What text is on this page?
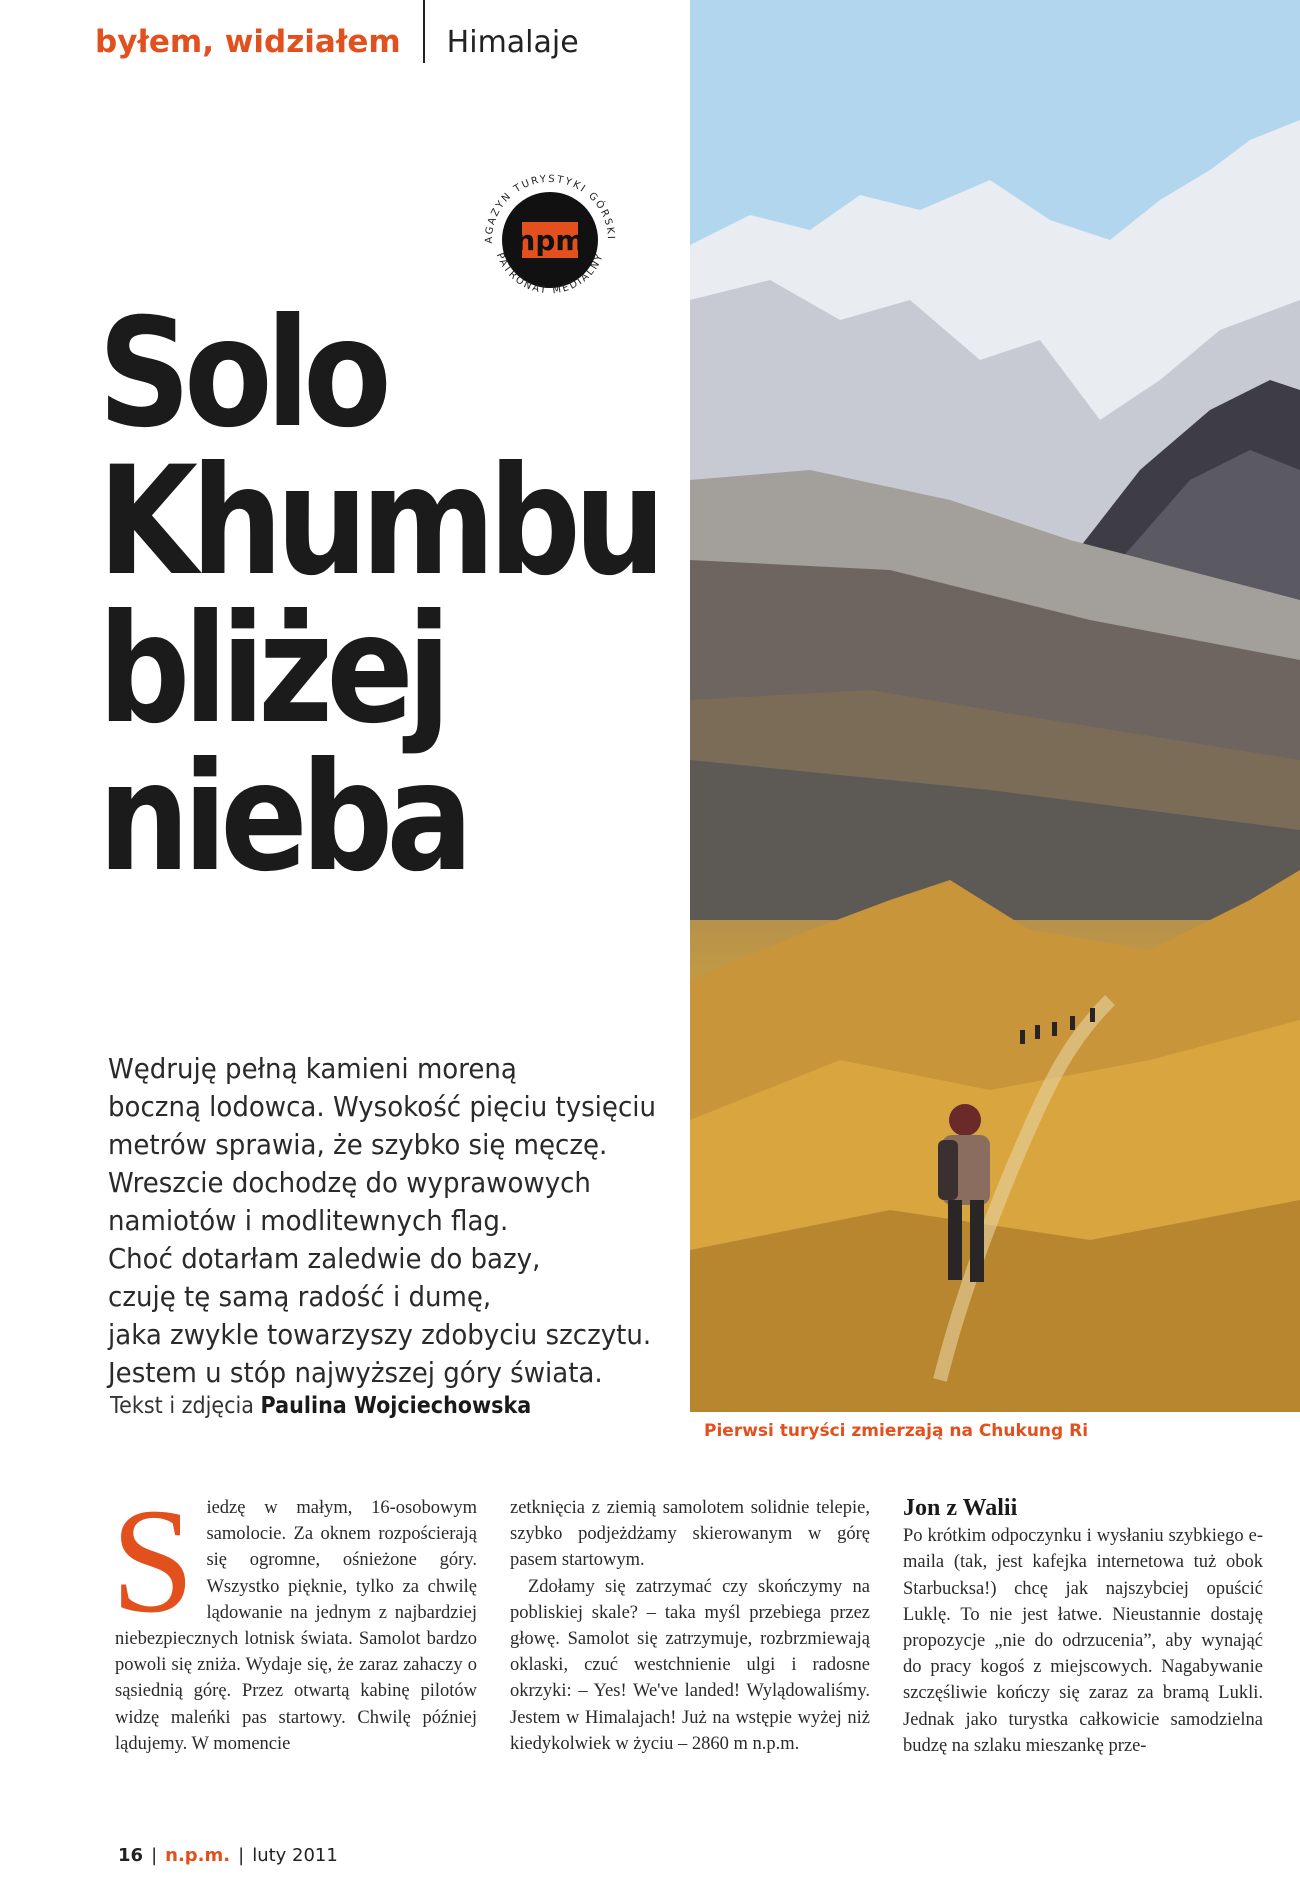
byłem, widziałem Himalaje
AGAZYN TURYSTYKI GÓRSKI
PATRONAT MEDIALNY
npm
Solo
Khumbu
bliżej
nieba
Wędruję pełną kamieni moreną
boczną lodowca. Wysokość pięciu tysięciu
metrów sprawia, że szybko się męczę.
Wreszcie dochodzę do wyprawowych
namiotów i modlitewnych flag.
Choć dotarłam zaledwie do bazy,
czuję tę samą radość i dumę,
jaka zwykle towarzyszy zdobyciu szczytu.
Jestem u stóp najwyższej góry świata.
Tekst i zdjęcia Paulina Wojciechowska
Pierwsi turyści zmierzają na Chukung Ri
S iedzę w małym, 16-osobowym samolocie. Za oknem rozpościerają się ogromne, ośnieżone góry. Wszystko pięknie, tylko za chwilę lądowanie na jednym z najbardziej niebezpiecznych lotnisk świata. Samolot bardzo powoli się zniża. Wydaje się, że zaraz zahaczy o sąsiednią górę. Przez otwartą kabinę pilotów widzę maleńki pas startowy. Chwilę później lądujemy. W momencie

zetknięcia z ziemią samolotem solidnie telepie, szybko podjeżdżamy skierowanym w górę pasem startowym.

Zdołamy się zatrzymać czy skończymy na pobliskiej skale? – taka myśl przebiega przez głowę. Samolot się zatrzymuje, rozbrzmiewają oklaski, czuć westchnienie ulgi i radosne okrzyki: – Yes! We've landed! Wylądowaliśmy. Jestem w Himalajach! Już na wstępie wyżej niż kiedykolwiek w życiu – 2860 m n.p.m.

Jon z Walii

Po krótkim odpoczynku i wysłaniu szybkiego e-maila (tak, jest kafejka internetowa tuż obok Starbucksa!) chcę jak najszybciej opuścić Luklę. To nie jest łatwe. Nieustannie dostaję propozycje „nie do odrzucenia”, aby wynająć do pracy kogoś z miejscowych. Nagabywanie szczęśliwie kończy się zaraz za bramą Lukli. Jednak jako turystka całkowicie samodzielna budzę na szlaku mieszankę prze-

16 | n.p.m. | luty 2011
